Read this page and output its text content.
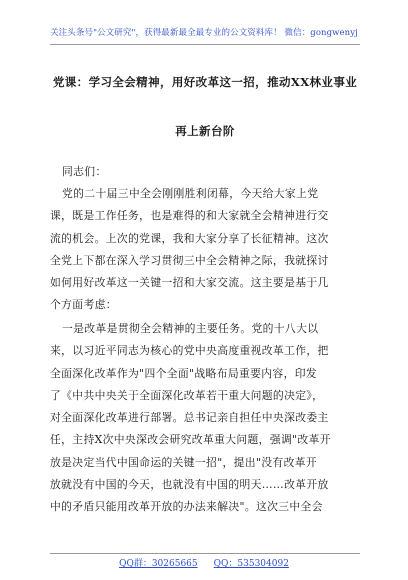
关注头条号"公文研究"，获得最新最全最专业的公文资料库！ 微信：gongwenyj
党课：学习全会精神，用好改革这一招，推动XX林业事业
再上新台阶
同志们：
党的二十届三中全会刚刚胜利闭幕，今天给大家上党
课，既是工作任务，也是难得的和大家就全会精神进行交
流的机会。上次的党课，我和大家分享了长征精神。这次
全党上下都在深入学习贯彻三中全会精神之际，我就探讨
如何用好改革这一关键一招和大家交流。这主要是基于几
个方面考虑：
一是改革是贯彻全会精神的主要任务。党的十八大以
来，以习近平同志为核心的党中央高度重视改革工作，把
全面深化改革作为"四个全面"战略布局重要内容，印发
了《中共中央关于全面深化改革若干重大问题的决定》，
对全面深化改革进行部署。总书记亲自担任中央深改委主
任，主持X次中央深改会研究改革重大问题，强调"改革开
放是决定当代中国命运的关键一招"，提出"没有改革开
放就没有中国的今天，也就没有中国的明天……改革开放
中的矛盾只能用改革开放的办法来解决"。这次三中全会
QQ群：30265665 QQ：535304092
